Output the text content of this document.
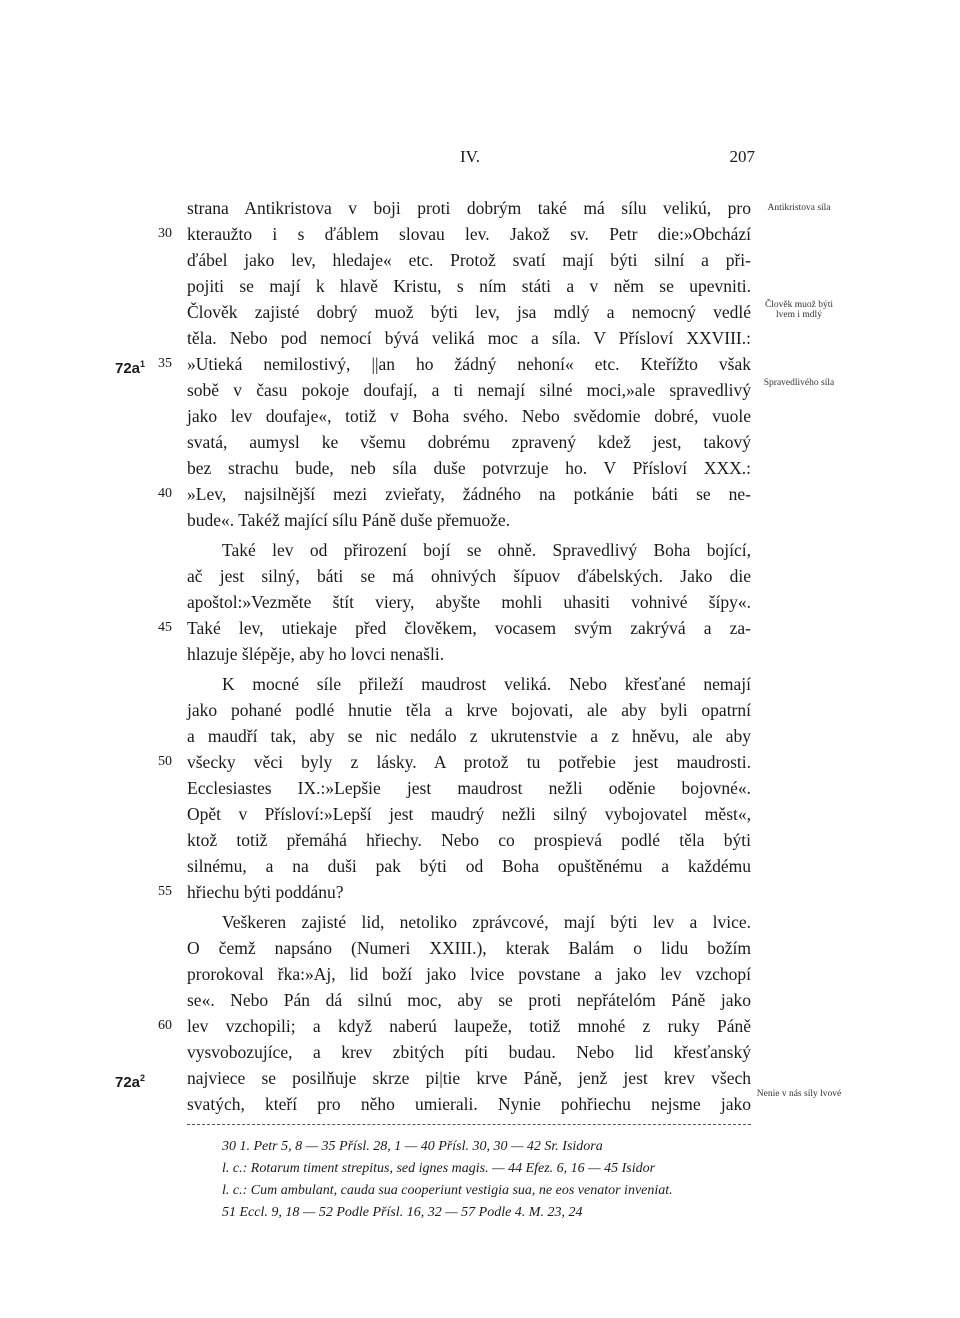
IV.	207
strana Antikristova v boji proti dobrým také má sílu velikú, pro
kteraužto i s ďáblem slovau lev. Jakož sv. Petr die:»Obchází
ďábel jako lev, hledaje« etc. Protož svatí mají býti silní a při-
pojiti se mají k hlavě Kristu, s ním státi a v něm se upevniti.
Člověk zajisté dobrý muož býti lev, jsa mdlý a nemocný vedlé
těla. Nebo pod nemocí bývá veliká moc a síla. V Přísloví XXVIII.:
»Utieká nemilostivý, ||an ho žádný nehoní« etc. Kteřížto však
sobě v času pokoje doufají, a ti nemají silné moci,»ale spravedlivý
jako lev doufaje«, totiž v Boha svého. Nebo svědomie dobré, vuole
svatá, aumysl ke všemu dobrému zpravený kdež jest, takový
bez strachu bude, neb síla duše potvrzuje ho. V Přísloví XXX.:
»Lev, najsilnější mezi zvieřaty, žádného na potkánie báti se ne-
bude«. Takéž mající sílu Páně duše přemuože.
Také lev od přirození bojí se ohně. Spravedlivý Boha bojící,
ač jest silný, báti se má ohnivých šípuov ďábelských. Jako die
apoštol:»Vezměte štít viery, abyšte mohli uhasiti vohnivé šípy«.
Také lev, utiekaje před člověkem, vocasem svým zakrývá a za-
hlazuje šlépěje, aby ho lovci nenašli.
K mocné síle přileží maudrost veliká. Nebo křesťané nemají
jako pohané podlé hnutie těla a krve bojovati, ale aby byli opatrní
a maudří tak, aby se nic nedálo z ukrutenstvie a z hněvu, ale aby
všecky věci byly z lásky. A protož tu potřebie jest maudrosti.
Ecclesiastes IX.:»Lepšie jest maudrost nežli oděnie bojovné«.
Opět v Přísloví:»Lepší jest maudrý nežli silný vybojovatel měst«,
ktož totiž přemáhá hřiechy. Nebo co prospievá podlé těla býti
silnému, a na duši pak býti od Boha opuštěnému a každému
hřiechu býti poddánu?
Veškeren zajisté lid, netoliko zprávcové, mají býti lev a lvice.
O čemž napsáno (Numeri XXIII.), kterak Balám o lidu božím
prorokoval řka:»Aj, lid boží jako lvice povstane a jako lev vzchopí
se«. Nebo Pán dá silnú moc, aby se proti nepřátelóm Páně jako
lev vzchopili; a když naberú laupeže, totiž mnohé z ruky Páně
vysvobozujíce, a krev zbitých píti budau. Nebo lid křesťanský
najviece se posilňuje skrze pi|tie krve Páně, jenž jest krev všech
svatých, kteří pro něho umierali. Nynie pohřiechu nejsme jako
30
35
40
45
50
55
60
$72a^1$
$72a^2$
Antikristova síla
Člověk muož býti lvem i mdlý
Spravedlivého síla
Nenie v nás síly lvové
30 1. Petr 5, 8 — 35 Přísl. 28, 1 — 40 Přísl. 30, 30 — 42 Sr. Isidora
l. c.: Rotarum timent strepitus, sed ignes magis. — 44 Efez. 6, 16 — 45 Isidor
l. c.: Cum ambulant, cauda sua cooperiunt vestigia sua, ne eos venator inveniat.
51 Eccl. 9, 18 — 52 Podle Přísl. 16, 32 — 57 Podle 4. M. 23, 24
